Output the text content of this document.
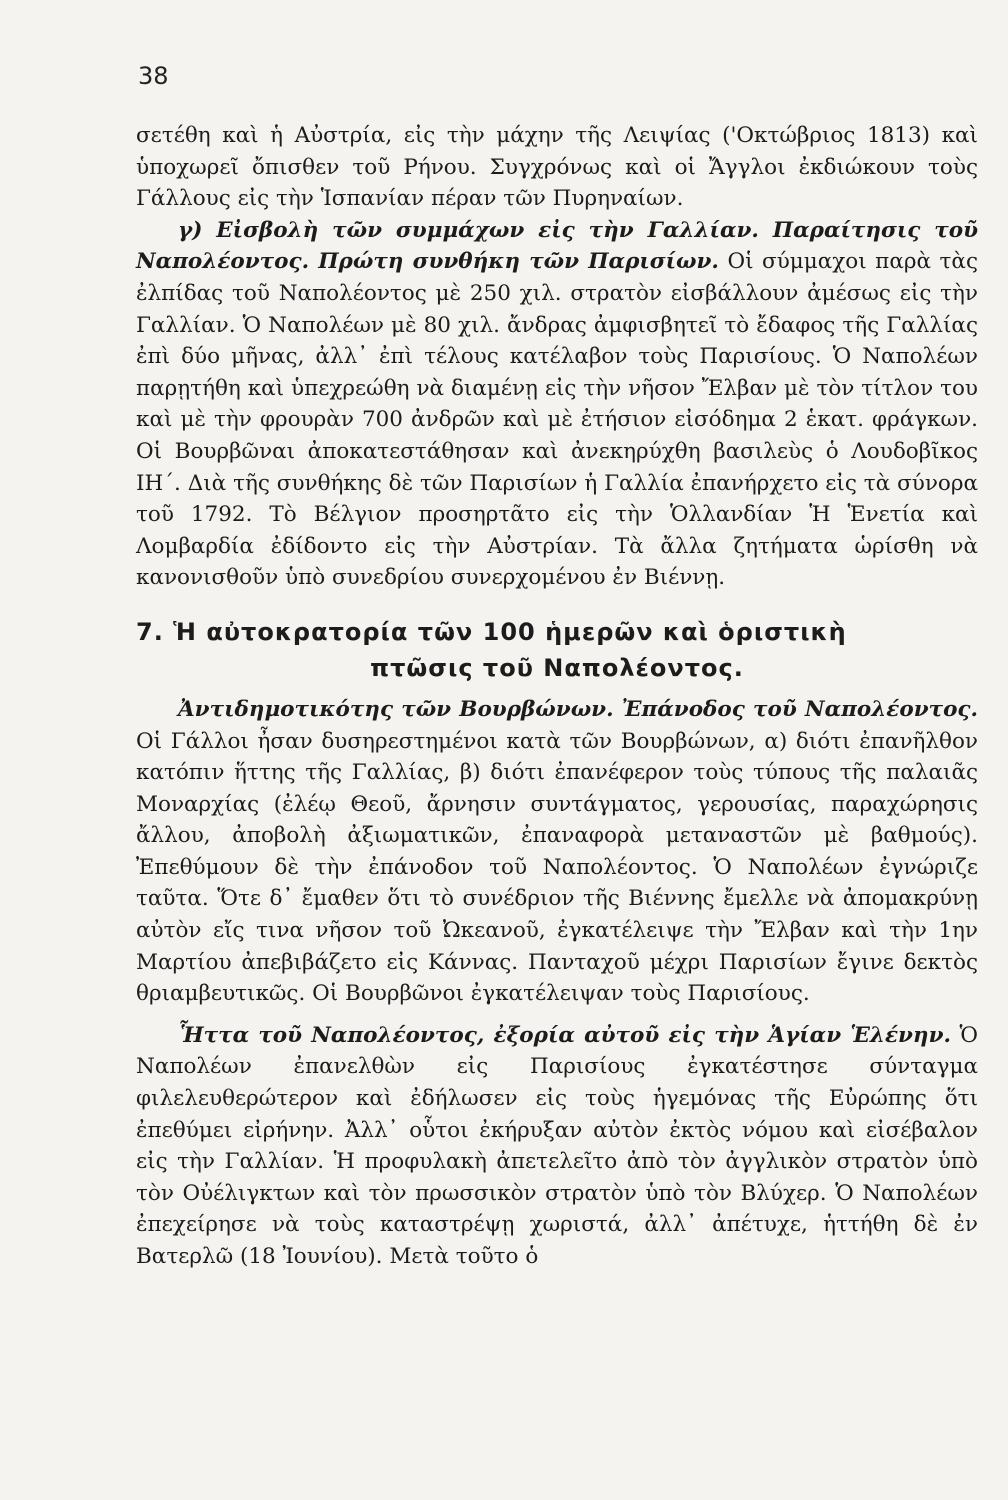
38

σετέθη καὶ ἡ Αὐστρία, εἰς τὴν μάχην τῆς Λειψίας ('Οκτώβριος 1813) καὶ ὑποχωρεῖ ὄπισθεν τοῦ Ρήνου. Συγχρόνως καὶ οἱ Ἄγγλοι ἐκδιώκουν τοὺς Γάλλους εἰς τὴν Ἱσπανίαν πέραν τῶν Πυρηναίων.

γ) Εἰσβολὴ τῶν συμμάχων εἰς τὴν Γαλλίαν. Παραίτησις τοῦ Ναπολέοντος. Πρώτη συνθήκη τῶν Παρισίων. Οἱ σύμμαχοι παρὰ τὰς ἐλπίδας τοῦ Ναπολέοντος μὲ 250 χιλ. στρατὸν εἰσβάλλουν ἀμέσως εἰς τὴν Γαλλίαν. Ὁ Ναπολέων μὲ 80 χιλ. ἄνδρας ἀμφισβητεῖ τὸ ἔδαφος τῆς Γαλλίας ἐπὶ δύο μῆνας, ἀλλ᾿ ἐπὶ τέλους κατέλαβον τοὺς Παρισίους. Ὁ Ναπολέων παρῃτήθη καὶ ὑπεχρεώθη νὰ διαμένῃ εἰς τὴν νῆσον Ἔλβαν μὲ τὸν τίτλον του καὶ μὲ τὴν φρουρὰν 700 ἀνδρῶν καὶ μὲ ἐτήσιον εἰσόδημα 2 ἑκατ. φράγκων. Οἱ Βουρβῶναι ἀποκατεστάθησαν καὶ ἀνεκηρύχθη βασιλεὺς ὁ Λουδοβῖκος ΙΗ΄. Διὰ τῆς συνθήκης δὲ τῶν Παρισίων ἡ Γαλλία ἐπανήρχετο εἰς τὰ σύνορα τοῦ 1792. Τὸ Βέλγιον προσηρτᾶτο εἰς τὴν Ὁλλανδίαν Ἡ Ἑνετία καὶ Λομβαρδία ἐδίδοντο εἰς τὴν Αὐστρίαν. Τὰ ἄλλα ζητήματα ὡρίσθη νὰ κανονισθοῦν ὑπὸ συνεδρίου συνερχομένου ἐν Βιέννῃ.

7. Ἡ αὐτοκρατορία τῶν 100 ἡμερῶν καὶ ὁριστικὴ
πτῶσις τοῦ Ναπολέοντος.

Ἀντιδημοτικότης τῶν Βουρβώνων. Ἐπάνοδος τοῦ Ναπολέοντος. Οἱ Γάλλοι ἦσαν δυσηρεστημένοι κατὰ τῶν Βουρβώνων, α) διότι ἐπανῆλθον κατόπιν ἥττης τῆς Γαλλίας, β) διότι ἐπανέφερον τοὺς τύπους τῆς παλαιᾶς Μοναρχίας (ἐλέῳ Θεοῦ, ἄρνησιν συντάγματος, γερουσίας, παραχώρησις ἄλλου, ἀποβολὴ ἀξιωματικῶν, ἐπαναφορὰ μεταναστῶν μὲ βαθμούς). Ἐπεθύμουν δὲ τὴν ἐπάνοδον τοῦ Ναπολέοντος. Ὁ Ναπολέων ἐγνώριζε ταῦτα. Ὅτε δ᾿ ἔμαθεν ὅτι τὸ συνέδριον τῆς Βιέννης ἔμελλε νὰ ἀπομακρύνῃ αὐτὸν εἴς τινα νῆσον τοῦ Ὠκεανοῦ, ἐγκατέλειψε τὴν Ἔλβαν καὶ τὴν 1ην Μαρτίου ἀπεβιβάζετο εἰς Κάννας. Πανταχοῦ μέχρι Παρισίων ἔγινε δεκτὸς θριαμβευτικῶς. Οἱ Βουρβῶνοι ἐγκατέλειψαν τοὺς Παρισίους.

Ἧττα τοῦ Ναπολέοντος, ἐξορία αὐτοῦ εἰς τὴν Ἁγίαν Ἑλένην. Ὁ Ναπολέων ἐπανελθὼν εἰς Παρισίους ἐγκατέστησε σύνταγμα φιλελευθερώτερον καὶ ἐδήλωσεν εἰς τοὺς ἡγεμόνας τῆς Εὐρώπης ὅτι ἐπεθύμει εἰρήνην. Ἀλλ᾿ οὗτοι ἐκήρυξαν αὐτὸν ἐκτὸς νόμου καὶ εἰσέβαλον εἰς τὴν Γαλλίαν. Ἡ προφυλακὴ ἀπετελεῖτο ἀπὸ τὸν ἀγγλικὸν στρατὸν ὑπὸ τὸν Οὐέλιγκτων καὶ τὸν πρωσσικὸν στρατὸν ὑπὸ τὸν Βλύχερ. Ὁ Ναπολέων ἐπεχείρησε νὰ τοὺς καταστρέψῃ χωριστά, ἀλλ᾿ ἀπέτυχε, ἡττήθη δὲ ἐν Βατερλῶ (18 Ἰουνίου). Μετὰ τοῦτο ὁ
